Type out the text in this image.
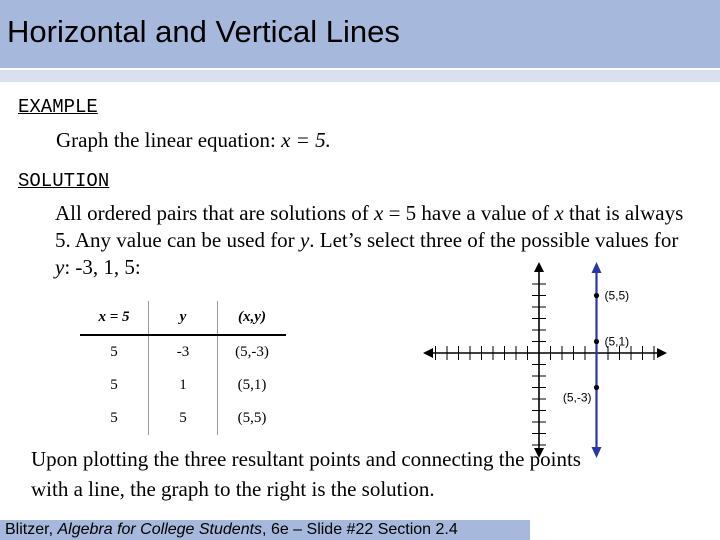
Horizontal and Vertical Lines
EXAMPLE
Graph the linear equation: x = 5.
SOLUTION
All ordered pairs that are solutions of x = 5 have a value of x that is always 5. Any value can be used for y. Let’s select three of the possible values for y: -3, 1, 5:
x = 5	y	(x,y)
5	-3	(5,-3)
5	1	(5,1)
5	5	(5,5)
(5,5)
(5,1)
(5,-3)
Upon plotting the three resultant points and connecting the points with a line, the graph to the right is the solution.
Blitzer, Algebra for College Students, 6e – Slide #22 Section 2.4
